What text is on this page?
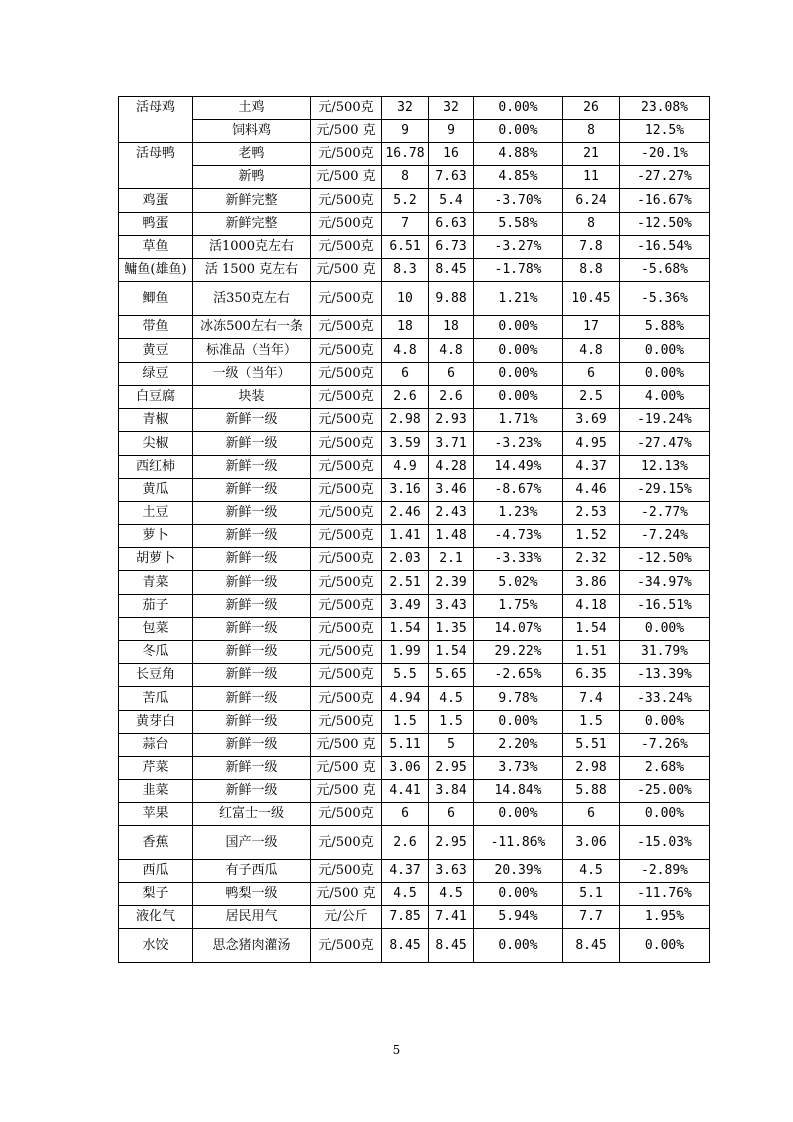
活母鸡	土鸡	元/500克	32	32	0.00%	26	23.08%
	饲料鸡	元/500 克	9	9	0.00%	8	12.5%
活母鸭	老鸭	元/500克	16.78	16	4.88%	21	-20.1%
	新鸭	元/500 克	8	7.63	4.85%	11	-27.27%
鸡蛋	新鲜完整	元/500克	5.2	5.4	-3.70%	6.24	-16.67%
鸭蛋	新鲜完整	元/500克	7	6.63	5.58%	8	-12.50%
草鱼	活1000克左右	元/500克	6.51	6.73	-3.27%	7.8	-16.54%
鳙鱼(雄鱼)	活 1500 克左右	元/500 克	8.3	8.45	-1.78%	8.8	-5.68%
鲫鱼	活350克左右	元/500克	10	9.88	1.21%	10.45	-5.36%
带鱼	冰冻500左右一条	元/500克	18	18	0.00%	17	5.88%
黄豆	标准品（当年）	元/500克	4.8	4.8	0.00%	4.8	0.00%
绿豆	一级（当年）	元/500克	6	6	0.00%	6	0.00%
白豆腐	块装	元/500克	2.6	2.6	0.00%	2.5	4.00%
青椒	新鲜一级	元/500克	2.98	2.93	1.71%	3.69	-19.24%
尖椒	新鲜一级	元/500克	3.59	3.71	-3.23%	4.95	-27.47%
西红柿	新鲜一级	元/500克	4.9	4.28	14.49%	4.37	12.13%
黄瓜	新鲜一级	元/500克	3.16	3.46	-8.67%	4.46	-29.15%
土豆	新鲜一级	元/500克	2.46	2.43	1.23%	2.53	-2.77%
萝卜	新鲜一级	元/500克	1.41	1.48	-4.73%	1.52	-7.24%
胡萝卜	新鲜一级	元/500克	2.03	2.1	-3.33%	2.32	-12.50%
青菜	新鲜一级	元/500克	2.51	2.39	5.02%	3.86	-34.97%
茄子	新鲜一级	元/500克	3.49	3.43	1.75%	4.18	-16.51%
包菜	新鲜一级	元/500克	1.54	1.35	14.07%	1.54	0.00%
冬瓜	新鲜一级	元/500克	1.99	1.54	29.22%	1.51	31.79%
长豆角	新鲜一级	元/500克	5.5	5.65	-2.65%	6.35	-13.39%
苦瓜	新鲜一级	元/500克	4.94	4.5	9.78%	7.4	-33.24%
黄芽白	新鲜一级	元/500克	1.5	1.5	0.00%	1.5	0.00%
蒜台	新鲜一级	元/500 克	5.11	5	2.20%	5.51	-7.26%
芹菜	新鲜一级	元/500 克	3.06	2.95	3.73%	2.98	2.68%
韭菜	新鲜一级	元/500 克	4.41	3.84	14.84%	5.88	-25.00%
苹果	红富士一级	元/500克	6	6	0.00%	6	0.00%
香蕉	国产一级	元/500克	2.6	2.95	-11.86%	3.06	-15.03%
西瓜	有子西瓜	元/500克	4.37	3.63	20.39%	4.5	-2.89%
梨子	鸭梨一级	元/500 克	4.5	4.5	0.00%	5.1	-11.76%
液化气	居民用气	元/公斤	7.85	7.41	5.94%	7.7	1.95%
水饺	思念猪肉灌汤	元/500克	8.45	8.45	0.00%	8.45	0.00%
5
